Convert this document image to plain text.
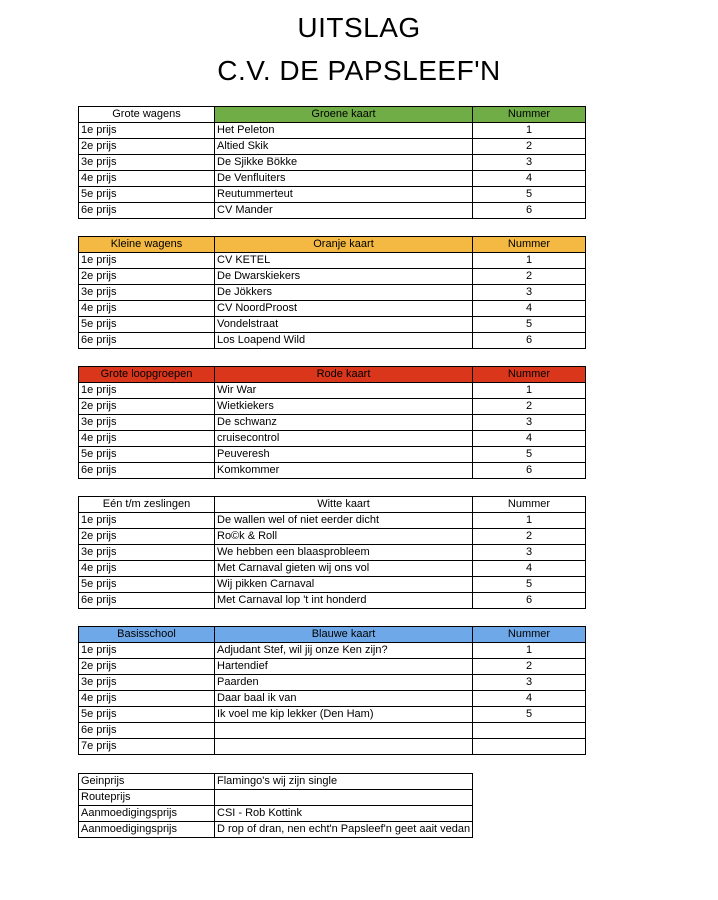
UITSLAG
C.V. DE PAPSLEEF'N
Grote wagens	Groene kaart	Nummer
1e prijs	Het Peleton	1
2e prijs	Altied Skik	2
3e prijs	De Sjikke Bökke	3
4e prijs	De Venfluiters	4
5e prijs	Reutummerteut	5
6e prijs	CV Mander	6
Kleine wagens	Oranje kaart	Nummer
1e prijs	CV KETEL	1
2e prijs	De Dwarskiekers	2
3e prijs	De Jökkers	3
4e prijs	CV NoordProost	4
5e prijs	Vondelstraat	5
6e prijs	Los Loapend Wild	6
Grote loopgroepen	Rode kaart	Nummer
1e prijs	Wir War	1
2e prijs	Wietkiekers	2
3e prijs	De schwanz	3
4e prijs	cruisecontrol	4
5e prijs	Peuveresh	5
6e prijs	Komkommer	6
Eén t/m zeslingen	Witte kaart	Nummer
1e prijs	De wallen wel of niet eerder dicht	1
2e prijs	Ro©k & Roll	2
3e prijs	We hebben een blaasprobleem	3
4e prijs	Met Carnaval gieten wij ons vol	4
5e prijs	Wij pikken Carnaval	5
6e prijs	Met Carnaval lop 't int honderd	6
Basisschool	Blauwe kaart	Nummer
1e prijs	Adjudant Stef, wil jij onze Ken zijn?	1
2e prijs	Hartendief	2
3e prijs	Paarden	3
4e prijs	Daar baal ik van	4
5e prijs	Ik voel me kip lekker (Den Ham)	5
6e prijs		
7e prijs		
Geinprijs	Flamingo's wij zijn single
Routeprijs	
Aanmoedigingsprijs	CSI - Rob Kottink
Aanmoedigingsprijs	D rop of dran, nen echt'n Papsleef'n geet aait vedan
